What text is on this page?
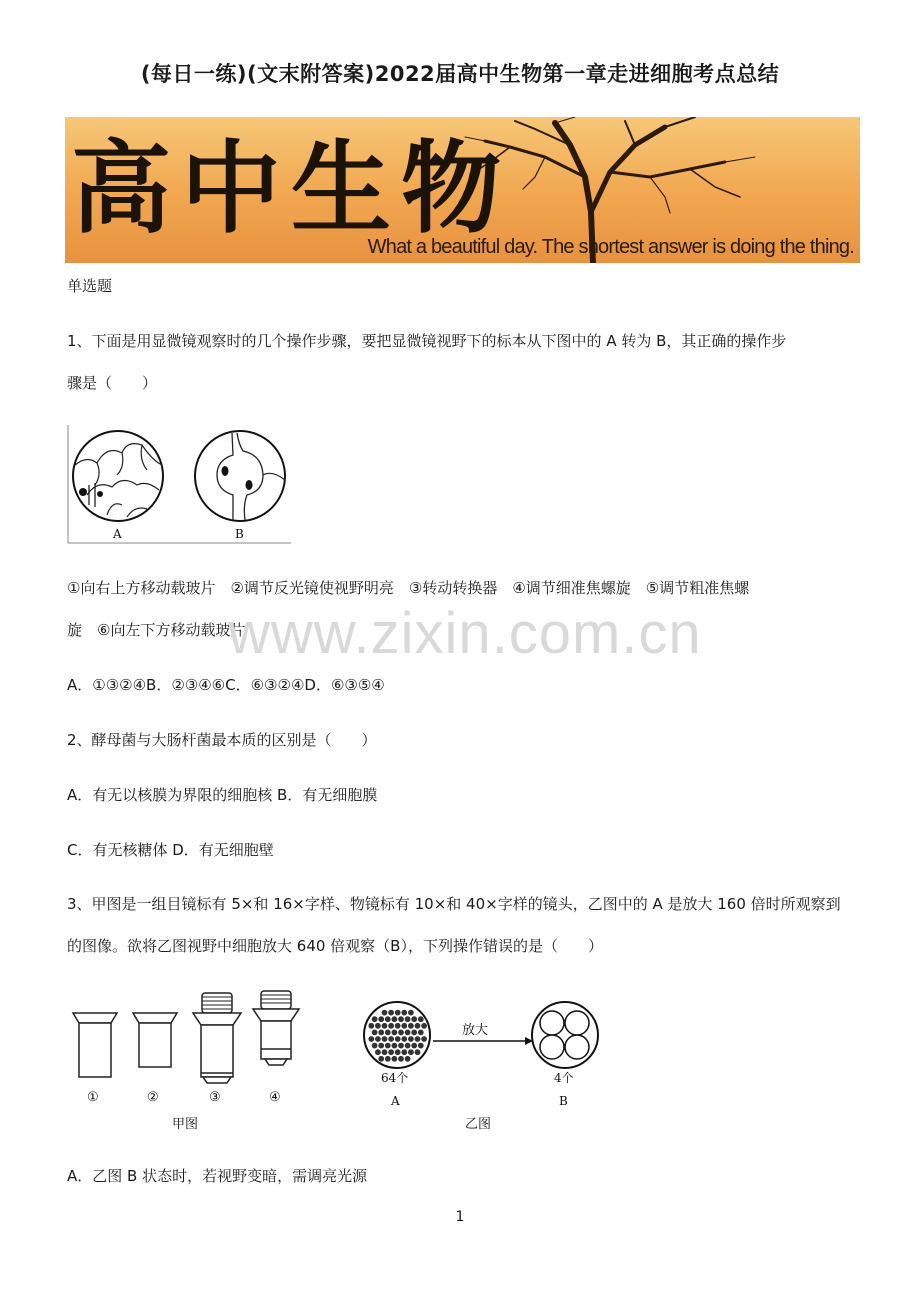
(每日一练)(文末附答案)2022届高中生物第一章走进细胞考点总结
高中生物
What a beautiful day. The shortest answer is doing the thing.
单选题
1、下面是用显微镜观察时的几个操作步骤，要把显微镜视野下的标本从下图中的 A 转为 B，其正确的操作步
骤是（　　）
A	B
①向右上方移动载玻片　②调节反光镜使视野明亮　③转动转换器　④调节细准焦螺旋　⑤调节粗准焦螺
旋　⑥向左下方移动载玻片
www.zixin.com.cn
A．①③②④B．②③④⑥C．⑥③②④D．⑥③⑤④
2、酵母菌与大肠杆菌最本质的区别是（　　）
A．有无以核膜为界限的细胞核 B．有无细胞膜
C．有无核糖体 D．有无细胞壁
3、甲图是一组目镜标有 5×和 16×字样、物镜标有 10×和 40×字样的镜头，乙图中的 A 是放大 160 倍时所观察到
的图像。欲将乙图视野中细胞放大 640 倍观察（B），下列操作错误的是（　　）
①	②	③	④
甲图
64个
A
放大
4个
B
乙图
A．乙图 B 状态时，若视野变暗，需调亮光源
1
